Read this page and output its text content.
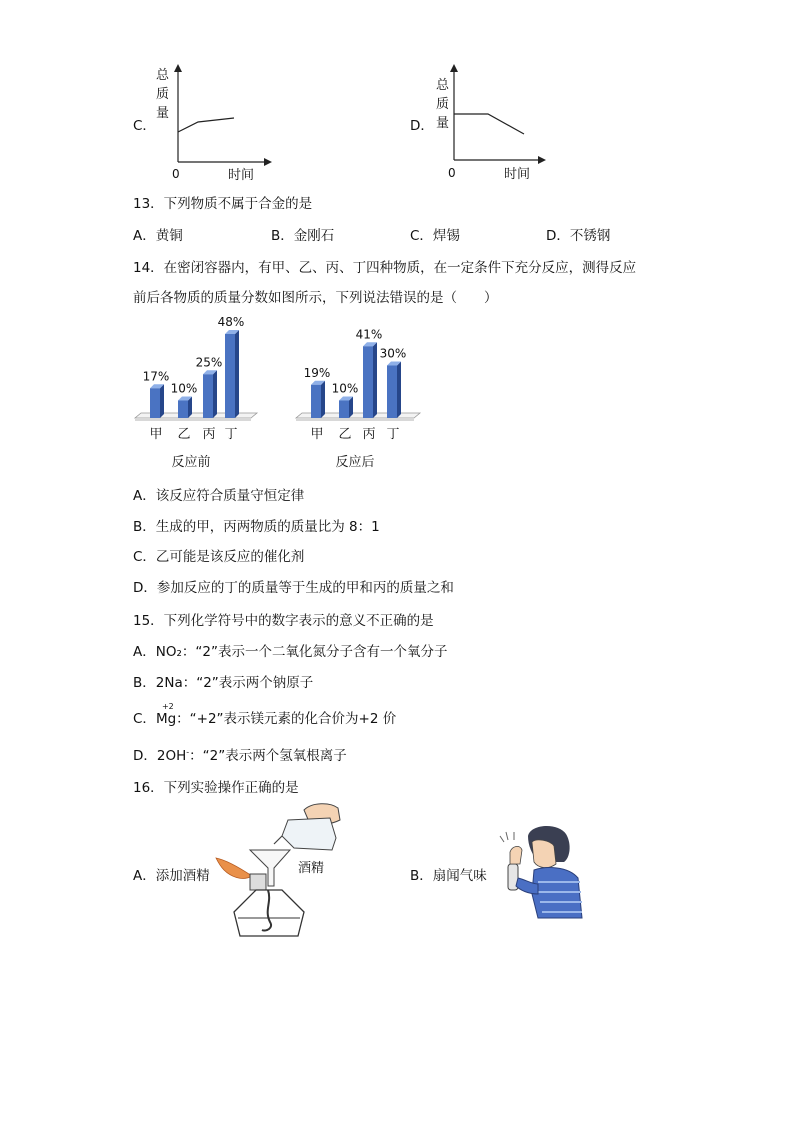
C．
总
质
量
0	时间
D．
总
质
量
0	时间
13．下列物质不属于合金的是
A．黄铜	B．金刚石	C．焊锡	D．不锈钢
14．在密闭容器内，有甲、乙、丙、丁四种物质，在一定条件下充分反应，测得反应
前后各物质的质量分数如图所示，下列说法错误的是（　　）
17%
甲
10%
乙
25%
丙
48%
丁
反应前
19%
甲
10%
乙
41%
丙
30%
丁
反应后
A．该反应符合质量守恒定律
B．生成的甲，丙两物质的质量比为 8：1
C．乙可能是该反应的催化剂
D．参加反应的丁的质量等于生成的甲和丙的质量之和
15．下列化学符号中的数字表示的意义不正确的是
A．NO₂：“2”表示一个二氧化氮分子含有一个氧分子
B．2Na：“2”表示两个钠原子
C．
+2
Mg：“+2”表示镁元素的化合价为+2 价
D．2OH-：“2”表示两个氢氧根离子
16．下列实验操作正确的是
A．添加酒精	酒精	B．扇闻气味
